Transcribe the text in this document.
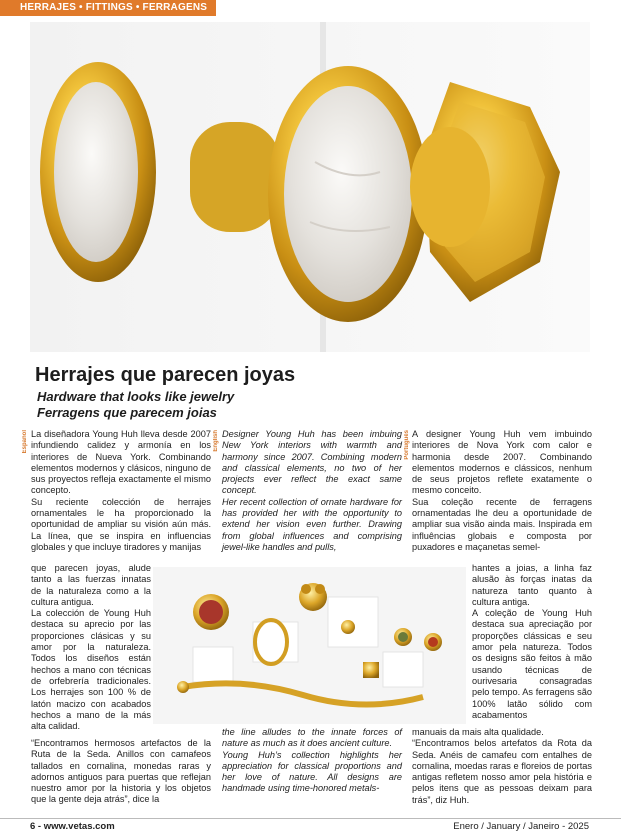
HERRAJES • FITTINGS • FERRAGENS
Herrajes que parecen joyas
Hardware that looks like jewelry
Ferragens que parecem joias
Español	English	Português

La diseñadora Young Huh lleva desde 2007 infundiendo calidez y armonía en los interiores de Nueva York. Combinando elementos modernos y clásicos, ninguno de sus proyectos refleja exactamente el mismo concepto.

Su reciente colección de herrajes ornamentales le ha proporcionado la oportunidad de ampliar su visión aún más. La línea, que se inspira en influencias globales y que incluye tiradores y manijas

Designer Young Huh has been imbuing New York interiors with warmth and harmony since 2007. Combining modern and classical elements, no two of her projects ever reflect the exact same concept.

Her recent collection of ornate hardware for has provided her with the opportunity to extend her vision even further. Drawing from global influences and comprising jewel-like handles and pulls,

A designer Young Huh vem imbuindo interiores de Nova York com calor e harmonia desde 2007. Combinando elementos modernos e clássicos, nenhum de seus projetos reflete exatamente o mesmo conceito.

Sua coleção recente de ferragens ornamentadas lhe deu a oportunidade de ampliar sua visão ainda mais. Inspirada em influências globais e composta por puxadores e maçanetas semel-

que parecen joyas, alude tanto a las fuerzas innatas de la naturaleza como a la cultura antigua.

La colección de Young Huh destaca su aprecio por las proporciones clásicas y su amor por la naturaleza. Todos los diseños están hechos a mano con técnicas de orfebrería tradicionales. Los herrajes son 100 % de latón macizo con acabados hechos a mano de la más alta calidad.

hantes a joias, a linha faz alusão às forças inatas da natureza tanto quanto à cultura antiga.

A coleção de Young Huh destaca sua apreciação por proporções clássicas e seu amor pela natureza. Todos os designs são feitos à mão usando técnicas de ourivesaria consagradas pelo tempo. As ferragens são 100% latão sólido com acabamentos

“Encontramos hermosos artefactos de la Ruta de la Seda. Anillos con camafeos tallados en cornalina, monedas raras y adornos antiguos para puertas que reflejan nuestro amor por la historia y los objetos que la gente deja atrás”, dice la

the line alludes to the innate forces of nature as much as it does ancient culture.

Young Huh’s collection highlights her appreciation for classical proportions and her love of nature. All designs are handmade using time-honored metals-

manuais da mais alta qualidade.

“Encontramos belos artefatos da Rota da Seda. Anéis de camafeu com entalhes de cornalina, moedas raras e floreios de portas antigas refletem nosso amor pela história e pelos itens que as pessoas deixam para trás”, diz Huh.

6 - www.vetas.com	Enero / January / Janeiro - 2025
